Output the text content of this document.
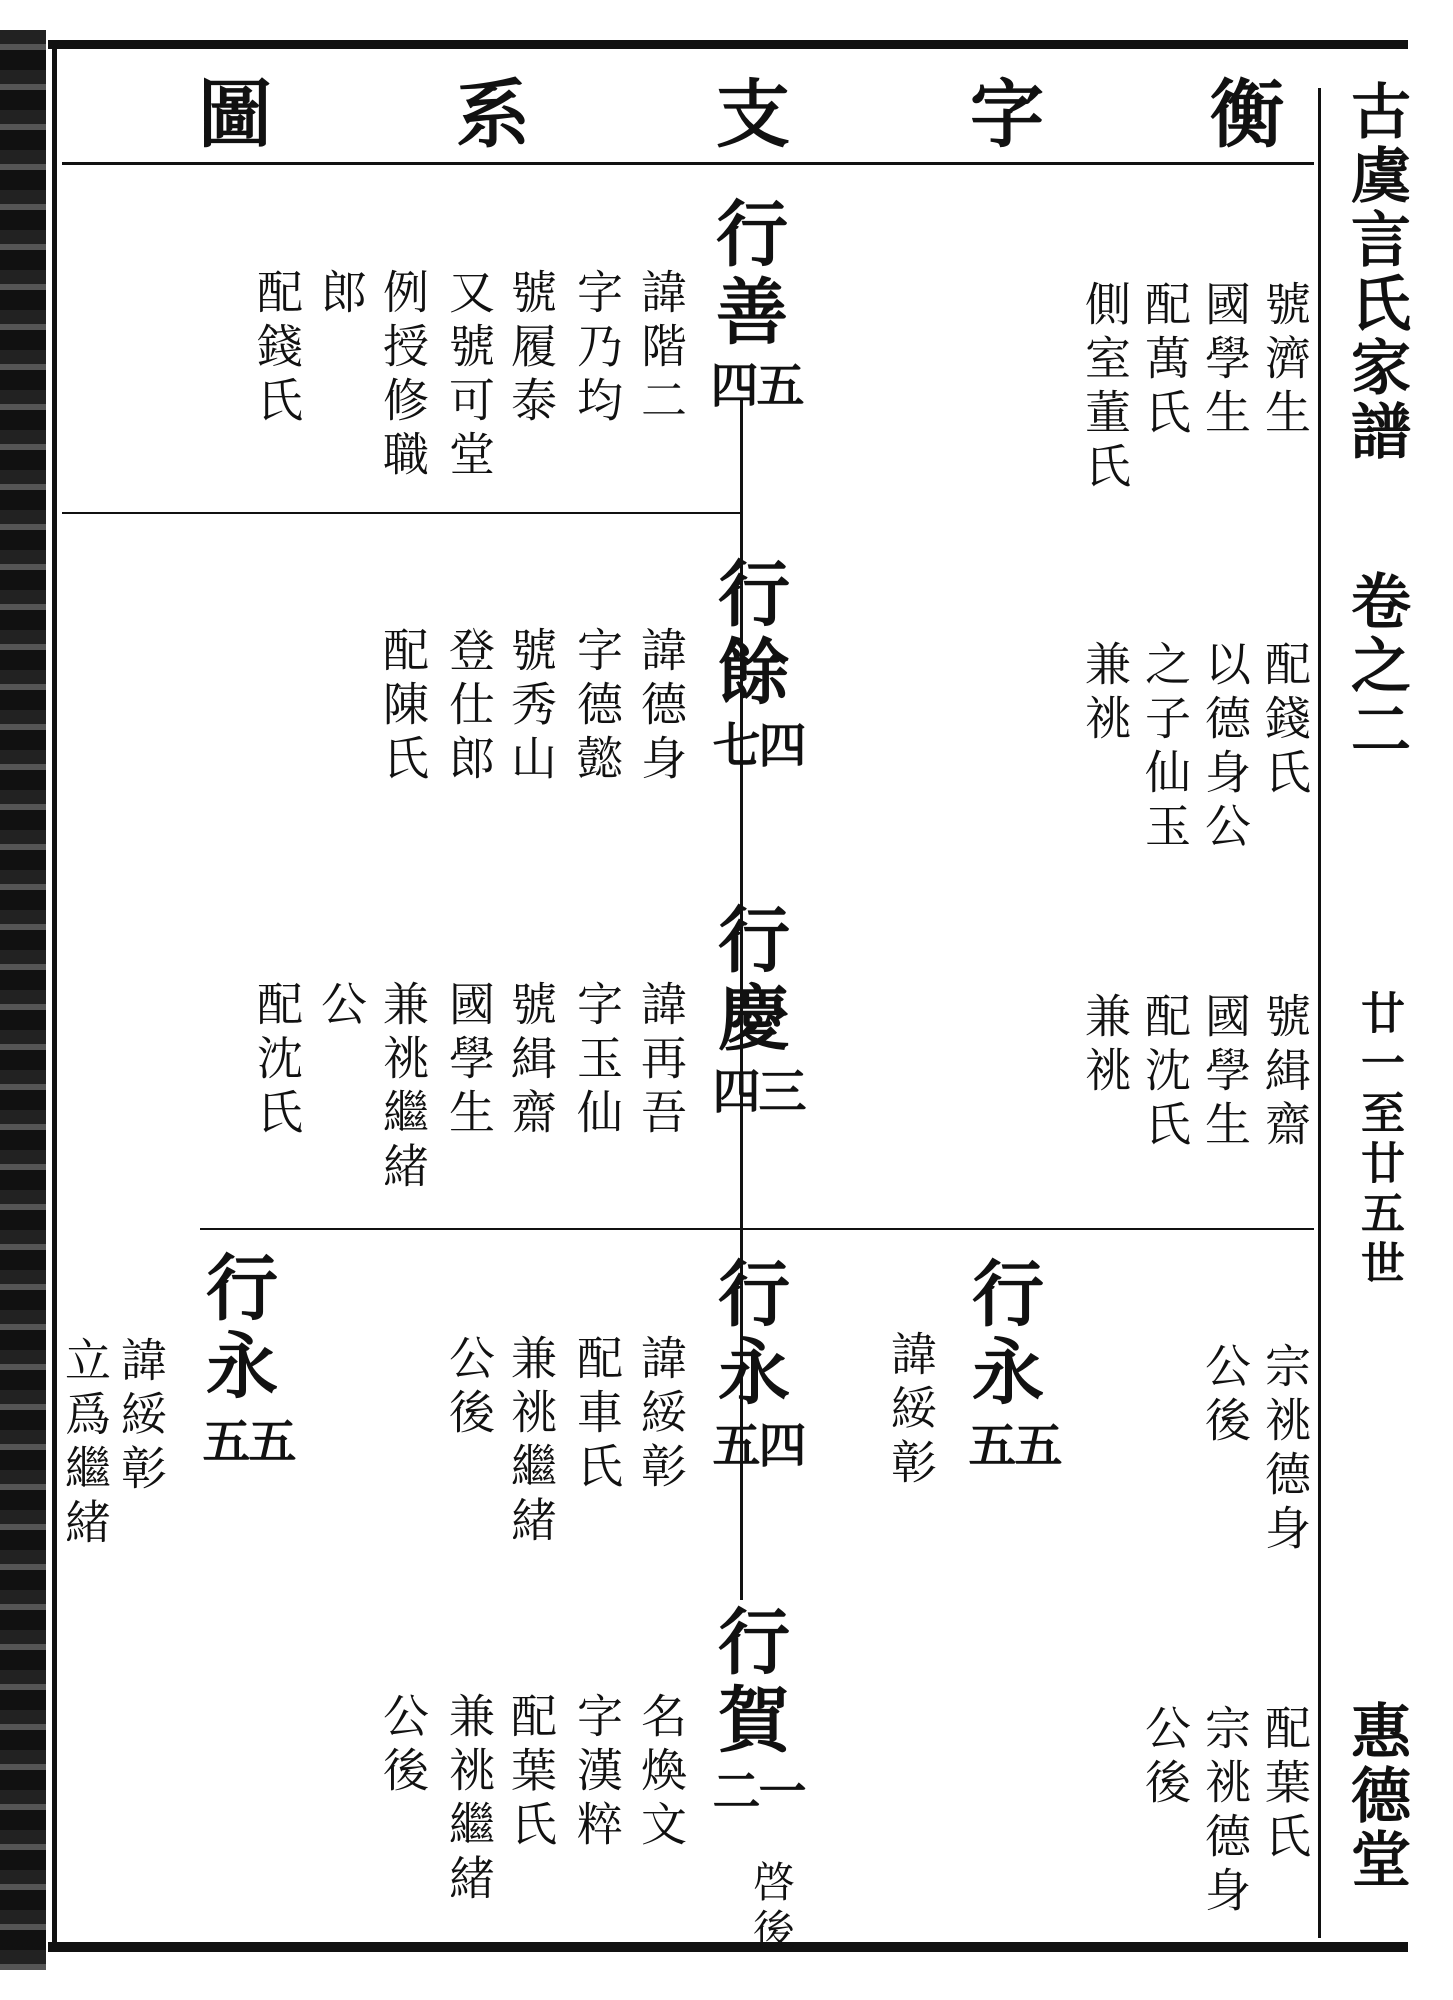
衡
字
支
系
圖	古虞言氏家譜
卷之二
廿一至廿五世
惠德堂
號濟生
國學生
配萬氏
側室董氏
行善
五
四
諱階二
字乃均
號履泰
又號可堂
例授修職
郎
配錢氏
配錢氏
以德身公
之子仙玉
兼祧
行餘
四
七
諱德身
字德懿
號秀山
登仕郎
配陳氏
號緝齋
國學生
配沈氏
兼祧
行慶
三
四
諱再吾
字玉仙
號緝齋
國學生
兼祧繼緒
公
配沈氏
行永
五
五
諱綏彰	宗祧德身
公後
行永
四
五
諱綏彰
配車氏
兼祧繼緒
公後
行永
五
五
諱綏彰
立爲繼緒
行賀
一
二
啓後
名煥文
字漢粹
配葉氏
兼祧繼緒
公後	配葉氏
宗祧德身
公後
